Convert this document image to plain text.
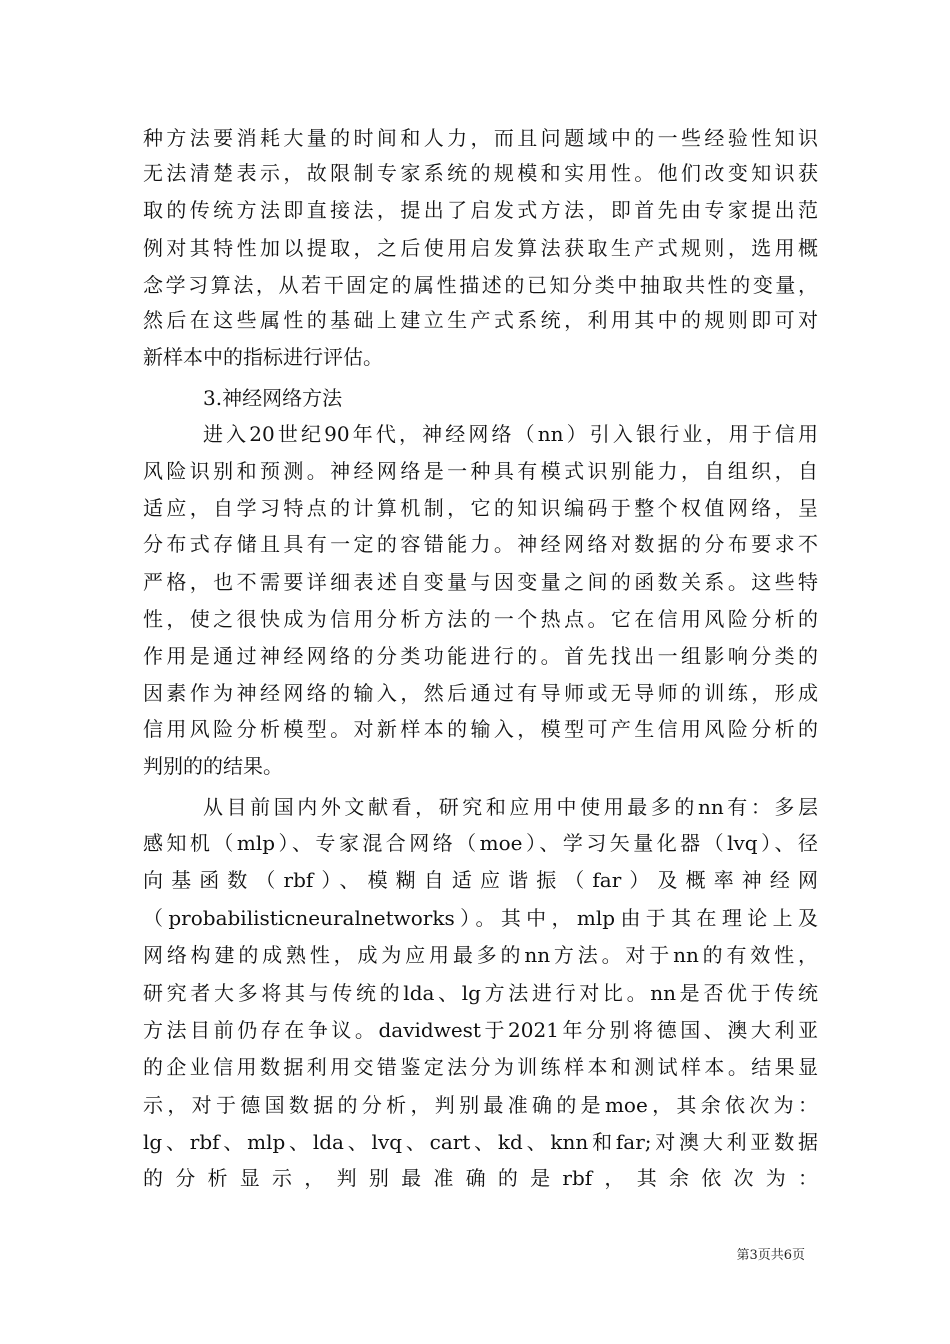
种方法要消耗大量的时间和人力，而且问题域中的一些经验性知识
无法清楚表示，故限制专家系统的规模和实用性。他们改变知识获
取的传统方法即直接法，提出了启发式方法，即首先由专家提出范
例对其特性加以提取，之后使用启发算法获取生产式规则，选用概
念学习算法，从若干固定的属性描述的已知分类中抽取共性的变量，
然后在这些属性的基础上建立生产式系统，利用其中的规则即可对
新样本中的指标进行评估。
3.神经网络方法
进入20世纪90年代，神经网络（nn）引入银行业，用于信用
风险识别和预测。神经网络是一种具有模式识别能力，自组织，自
适应，自学习特点的计算机制，它的知识编码于整个权值网络，呈
分布式存储且具有一定的容错能力。神经网络对数据的分布要求不
严格，也不需要详细表述自变量与因变量之间的函数关系。这些特
性，使之很快成为信用分析方法的一个热点。它在信用风险分析的
作用是通过神经网络的分类功能进行的。首先找出一组影响分类的
因素作为神经网络的输入，然后通过有导师或无导师的训练，形成
信用风险分析模型。对新样本的输入，模型可产生信用风险分析的
判别的的结果。
从目前国内外文献看，研究和应用中使用最多的nn有：多层
感知机（mlp）、专家混合网络（moe）、学习矢量化器（lvq）、径
向基函数（rbf）、模糊自适应谐振（far）及概率神经网
（probabilisticneuralnetworks）。其中，mlp由于其在理论上及
网络构建的成熟性，成为应用最多的nn方法。对于nn的有效性，
研究者大多将其与传统的lda、lg方法进行对比。nn是否优于传统
方法目前仍存在争议。davidwest于2021年分别将德国、澳大利亚
的企业信用数据利用交错鉴定法分为训练样本和测试样本。结果显
示，对于德国数据的分析，判别最准确的是moe，其余依次为：
lg、rbf、mlp、lda、lvq、cart、kd、knn和far;对澳大利亚数据
的分析显示，判别最准确的是rbf，其余依次为：
第3页共6页
